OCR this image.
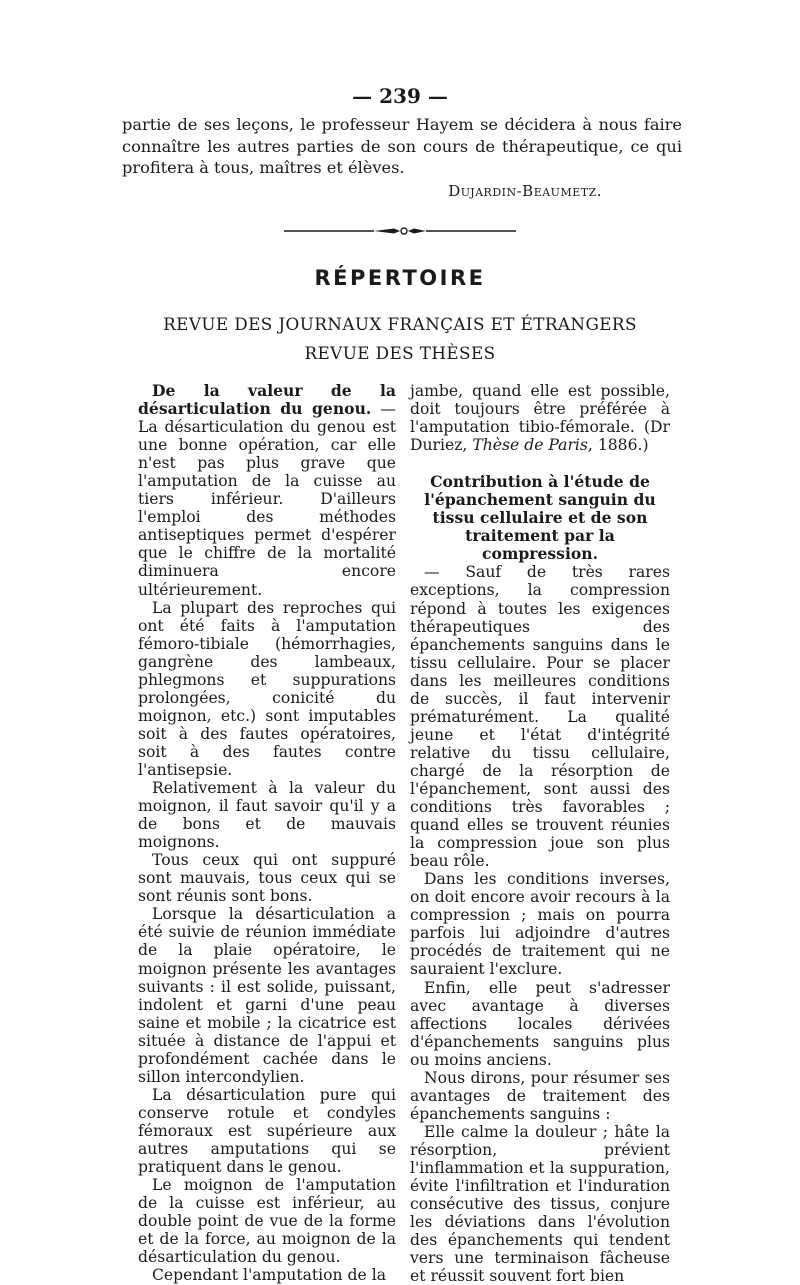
— 239 —

partie de ses leçons, le professeur Hayem se décidera à nous faire connaître les autres parties de son cours de thérapeutique, ce qui profitera à tous, maîtres et élèves.

Dujardin-Beaumetz.
RÉPERTOIRE
REVUE DES JOURNAUX FRANÇAIS ET ÉTRANGERS
REVUE DES THÈSES

De la valeur de la désarticulation du genou. — La désarticulation du genou est une bonne opération, car elle n'est pas plus grave que l'amputation de la cuisse au tiers inférieur. D'ailleurs l'emploi des méthodes antiseptiques permet d'espérer que le chiffre de la mortalité diminuera encore ultérieurement.

La plupart des reproches qui ont été faits à l'amputation fémoro-tibiale (hémorrhagies, gangrène des lambeaux, phlegmons et suppurations prolongées, conicité du moignon, etc.) sont imputables soit à des fautes opératoires, soit à des fautes contre l'antisepsie.

Relativement à la valeur du moignon, il faut savoir qu'il y a de bons et de mauvais moignons.

Tous ceux qui ont suppuré sont mauvais, tous ceux qui se sont réunis sont bons.

Lorsque la désarticulation a été suivie de réunion immédiate de la plaie opératoire, le moignon présente les avantages suivants : il est solide, puissant, indolent et garni d'une peau saine et mobile ; la cicatrice est située à distance de l'appui et profondément cachée dans le sillon intercondylien.

La désarticulation pure qui conserve rotule et condyles fémoraux est supérieure aux autres amputations qui se pratiquent dans le genou.

Le moignon de l'amputation de la cuisse est inférieur, au double point de vue de la forme et de la force, au moignon de la désarticulation du genou.

Cependant l'amputation de la

jambe, quand elle est possible, doit toujours être préférée à l'amputation tibio-fémorale. (Dr Duriez, Thèse de Paris, 1886.)

Contribution à l'étude de l'épanchement sanguin du tissu cellulaire et de son traitement par la compression.

— Sauf de très rares exceptions, la compression répond à toutes les exigences thérapeutiques des épanchements sanguins dans le tissu cellulaire. Pour se placer dans les meilleures conditions de succès, il faut intervenir prématurément. La qualité jeune et l'état d'intégrité relative du tissu cellulaire, chargé de la résorption de l'épanchement, sont aussi des conditions très favorables ; quand elles se trouvent réunies la compression joue son plus beau rôle.

Dans les conditions inverses, on doit encore avoir recours à la compression ; mais on pourra parfois lui adjoindre d'autres procédés de traitement qui ne sauraient l'exclure.

Enfin, elle peut s'adresser avec avantage à diverses affections locales dérivées d'épanchements sanguins plus ou moins anciens.

Nous dirons, pour résumer ses avantages de traitement des épanchements sanguins :

Elle calme la douleur ; hâte la résorption, prévient l'inflammation et la suppuration, évite l'infiltration et l'induration consécutive des tissus, conjure les déviations dans l'évolution des épanchements qui tendent vers une terminaison fâcheuse et réussit souvent fort bien
